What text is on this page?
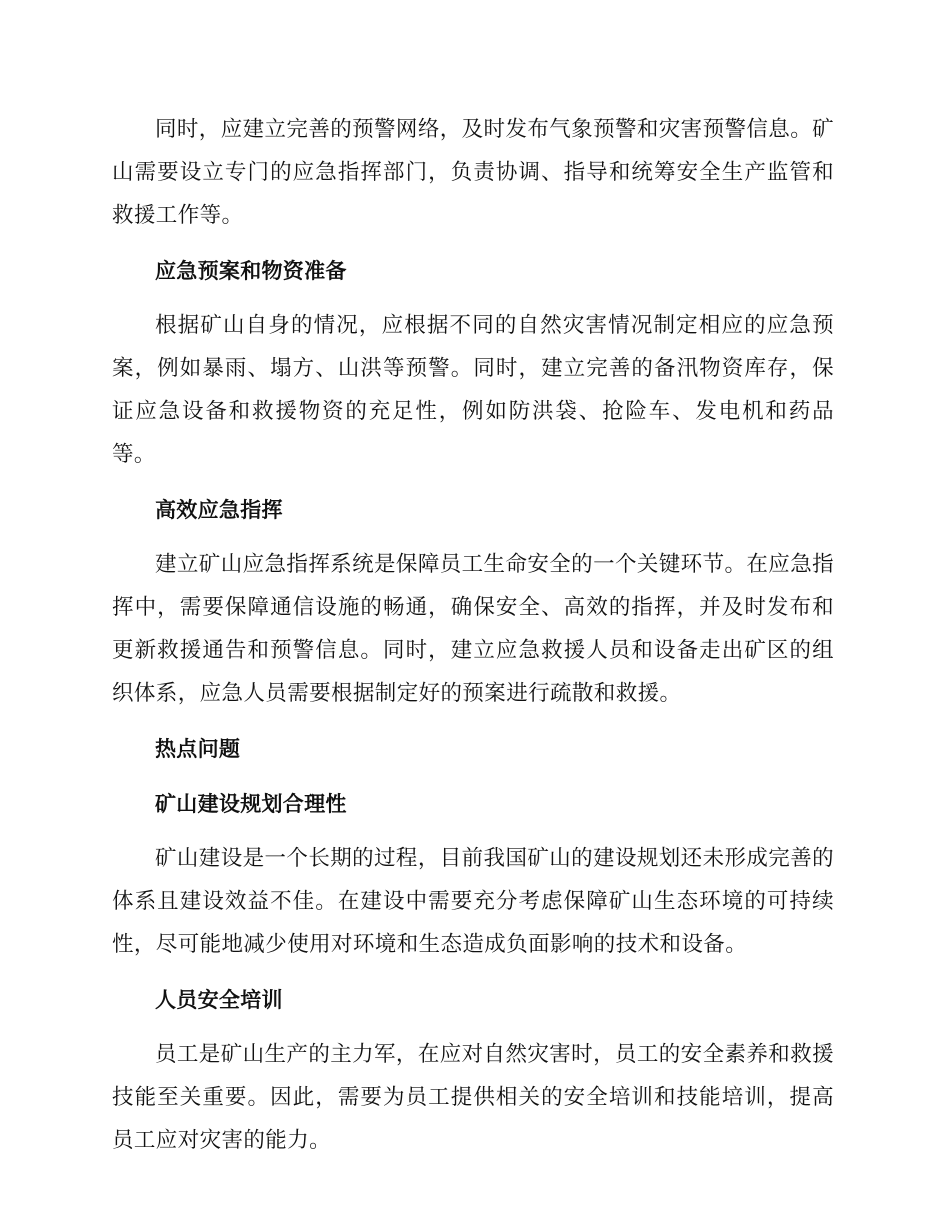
同时，应建立完善的预警网络，及时发布气象预警和灾害预警信息。矿山需要设立专门的应急指挥部门，负责协调、指导和统筹安全生产监管和救援工作等。

应急预案和物资准备

根据矿山自身的情况，应根据不同的自然灾害情况制定相应的应急预案，例如暴雨、塌方、山洪等预警。同时，建立完善的备汛物资库存，保证应急设备和救援物资的充足性，例如防洪袋、抢险车、发电机和药品等。

高效应急指挥

建立矿山应急指挥系统是保障员工生命安全的一个关键环节。在应急指挥中，需要保障通信设施的畅通，确保安全、高效的指挥，并及时发布和更新救援通告和预警信息。同时，建立应急救援人员和设备走出矿区的组织体系，应急人员需要根据制定好的预案进行疏散和救援。

热点问题

矿山建设规划合理性

矿山建设是一个长期的过程，目前我国矿山的建设规划还未形成完善的体系且建设效益不佳。在建设中需要充分考虑保障矿山生态环境的可持续性，尽可能地减少使用对环境和生态造成负面影响的技术和设备。

人员安全培训

员工是矿山生产的主力军，在应对自然灾害时，员工的安全素养和救援技能至关重要。因此，需要为员工提供相关的安全培训和技能培训，提高员工应对灾害的能力。
